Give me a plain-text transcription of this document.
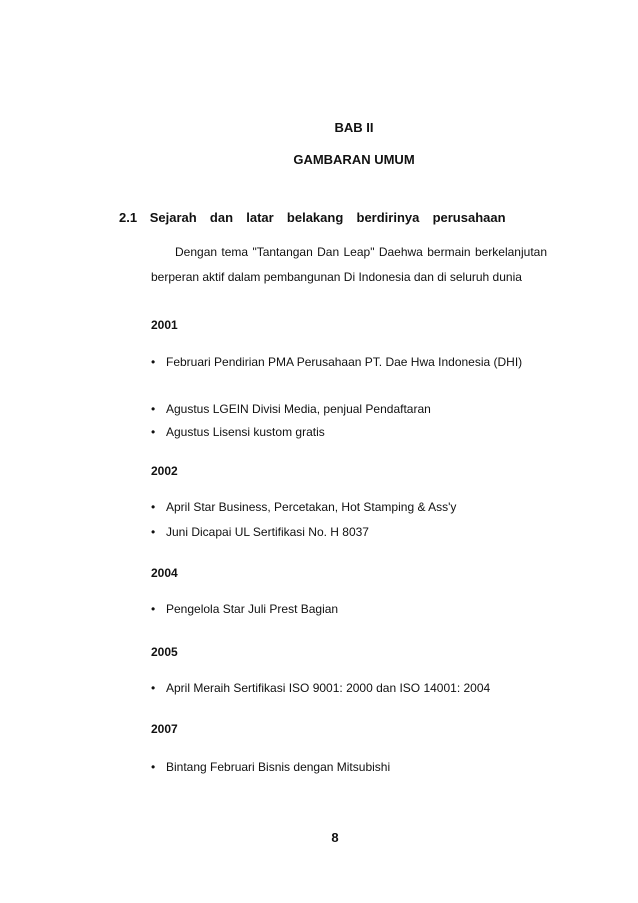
BAB II
GAMBARAN UMUM
2.1 Sejarah  dan  latar  belakang  berdirinya  perusahaan

Dengan tema "Tantangan Dan Leap" Daehwa bermain berkelanjutan berperan aktif dalam pembangunan Di Indonesia dan di seluruh dunia

2001
• Februari Pendirian PMA Perusahaan PT. Dae Hwa Indonesia (DHI)
• Agustus LGEIN Divisi Media, penjual Pendaftaran
• Agustus Lisensi kustom gratis
2002
• April Star Business, Percetakan, Hot Stamping & Ass'y
• Juni Dicapai UL Sertifikasi No. H 8037
2004
• Pengelola Star Juli Prest Bagian
2005
• April Meraih Sertifikasi ISO 9001: 2000 dan ISO 14001: 2004
2007
• Bintang Februari Bisnis dengan Mitsubishi
8
